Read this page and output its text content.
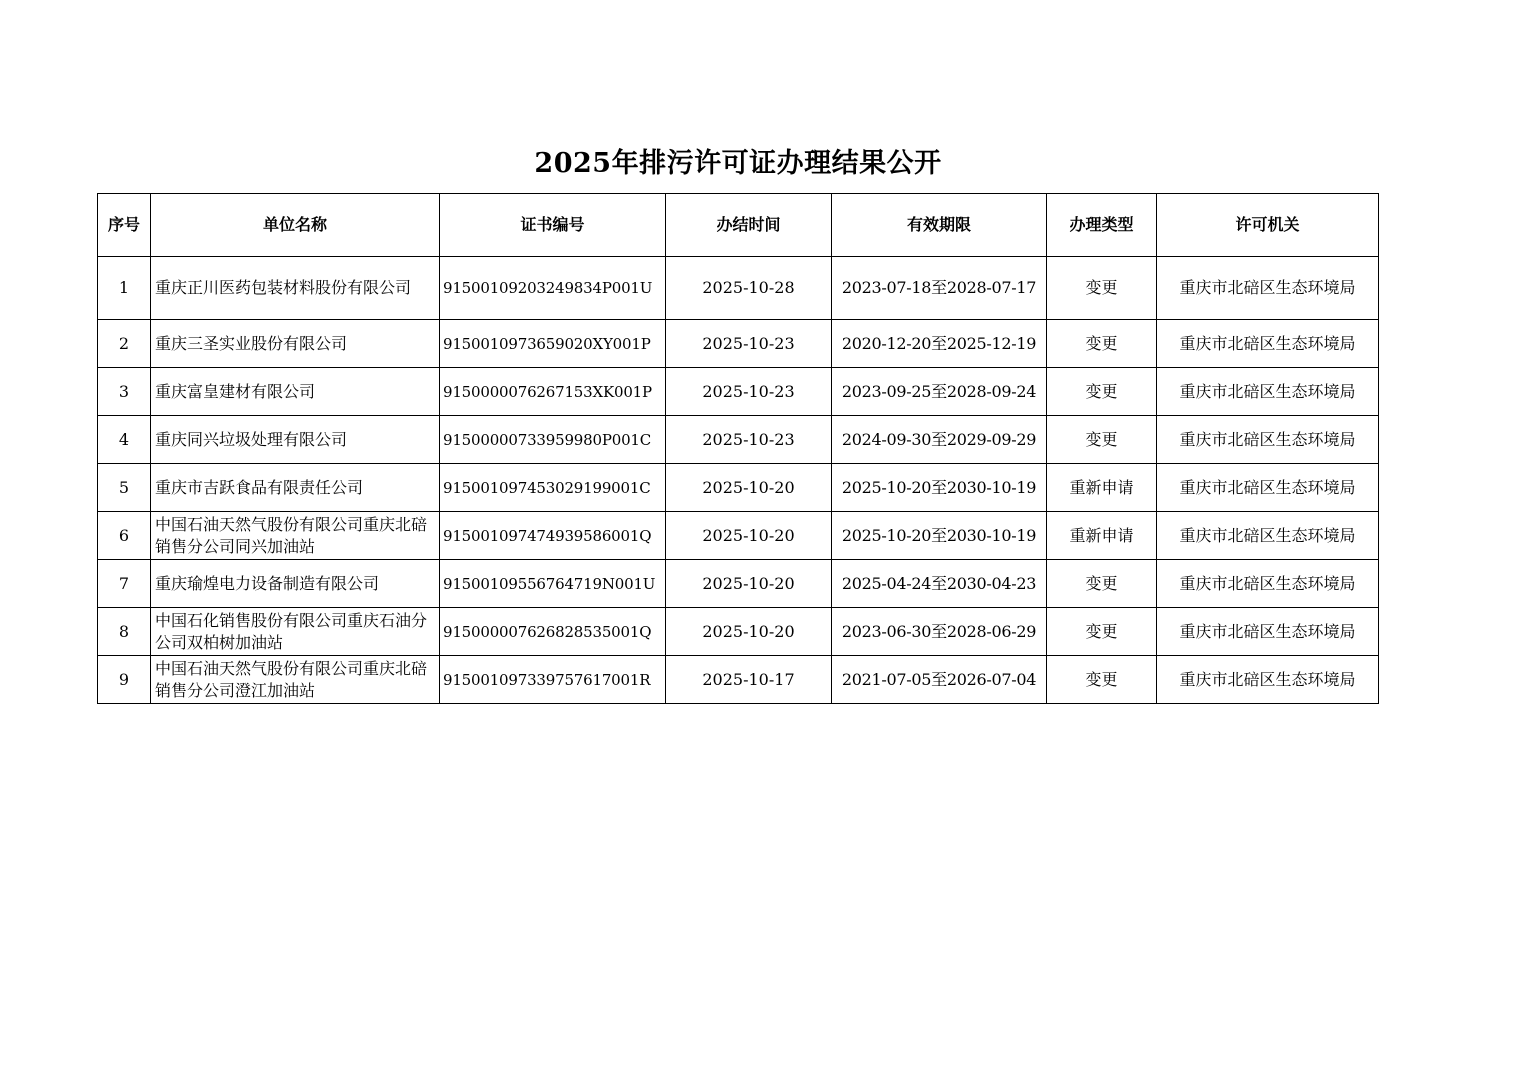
2025年排污许可证办理结果公开
序号	单位名称	证书编号	办结时间	有效期限	办理类型	许可机关
1	重庆正川医药包装材料股份有限公司	91500109203249834P001U	2025-10-28	2023-07-18至2028-07-17	变更	重庆市北碚区生态环境局
2	重庆三圣实业股份有限公司	9150010973659020XY001P	2025-10-23	2020-12-20至2025-12-19	变更	重庆市北碚区生态环境局
3	重庆富皇建材有限公司	9150000076267153XK001P	2025-10-23	2023-09-25至2028-09-24	变更	重庆市北碚区生态环境局
4	重庆同兴垃圾处理有限公司	91500000733959980P001C	2025-10-23	2024-09-30至2029-09-29	变更	重庆市北碚区生态环境局
5	重庆市吉跃食品有限责任公司	915001097453029199001C	2025-10-20	2025-10-20至2030-10-19	重新申请	重庆市北碚区生态环境局
6	中国石油天然气股份有限公司重庆北碚销售分公司同兴加油站	915001097474939586001Q	2025-10-20	2025-10-20至2030-10-19	重新申请	重庆市北碚区生态环境局
7	重庆瑜煌电力设备制造有限公司	91500109556764719N001U	2025-10-20	2025-04-24至2030-04-23	变更	重庆市北碚区生态环境局
8	中国石化销售股份有限公司重庆石油分公司双柏树加油站	915000007626828535001Q	2025-10-20	2023-06-30至2028-06-29	变更	重庆市北碚区生态环境局
9	中国石油天然气股份有限公司重庆北碚销售分公司澄江加油站	915001097339757617001R	2025-10-17	2021-07-05至2026-07-04	变更	重庆市北碚区生态环境局
